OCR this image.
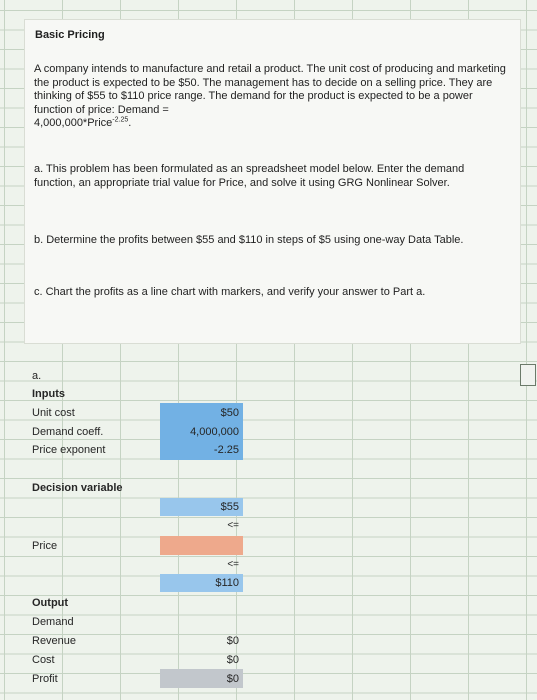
Basic Pricing
A company intends to manufacture and retail a product. The unit cost of producing and marketing the product is expected to be $50. The management has to decide on a selling price. They are thinking of $55 to $110 price range. The demand for the product is expected to be a power function of price: Demand =
4,000,000*Price$^{-2.25}$.
a. This problem has been formulated as an spreadsheet model below. Enter the demand function, an appropriate trial value for Price, and solve it using GRG Nonlinear Solver.
b. Determine the profits between $55 and $110 in steps of $5 using one-way Data Table.
c. Chart the profits as a line chart with markers, and verify your answer to Part a.
a.
Inputs
Unit cost	$50
Demand coeff.	4,000,000
Price exponent	-2.25
Decision variable
$55
<=
Price
<=
$110
Output
Demand
Revenue	$0
Cost	$0
Profit	$0
